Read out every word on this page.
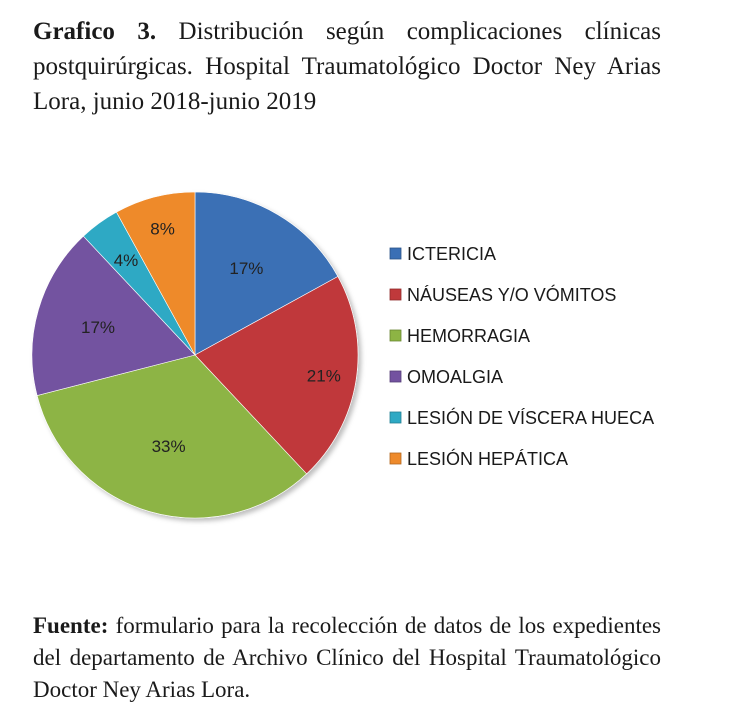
Grafico 3. Distribución según complicaciones clínicas postquirúrgicas. Hospital Traumatológico Doctor Ney Arias Lora, junio 2018-junio 2019
17%
21%
33%
17%
4%
8%
ICTERICIA
NÁUSEAS Y/O VÓMITOS
HEMORRAGIA
OMOALGIA
LESIÓN DE VÍSCERA HUECA
LESIÓN HEPÁTICA
Fuente: formulario para la recolección de datos de los expedientes del departamento de Archivo Clínico del Hospital Traumatológico Doctor Ney Arias Lora.
